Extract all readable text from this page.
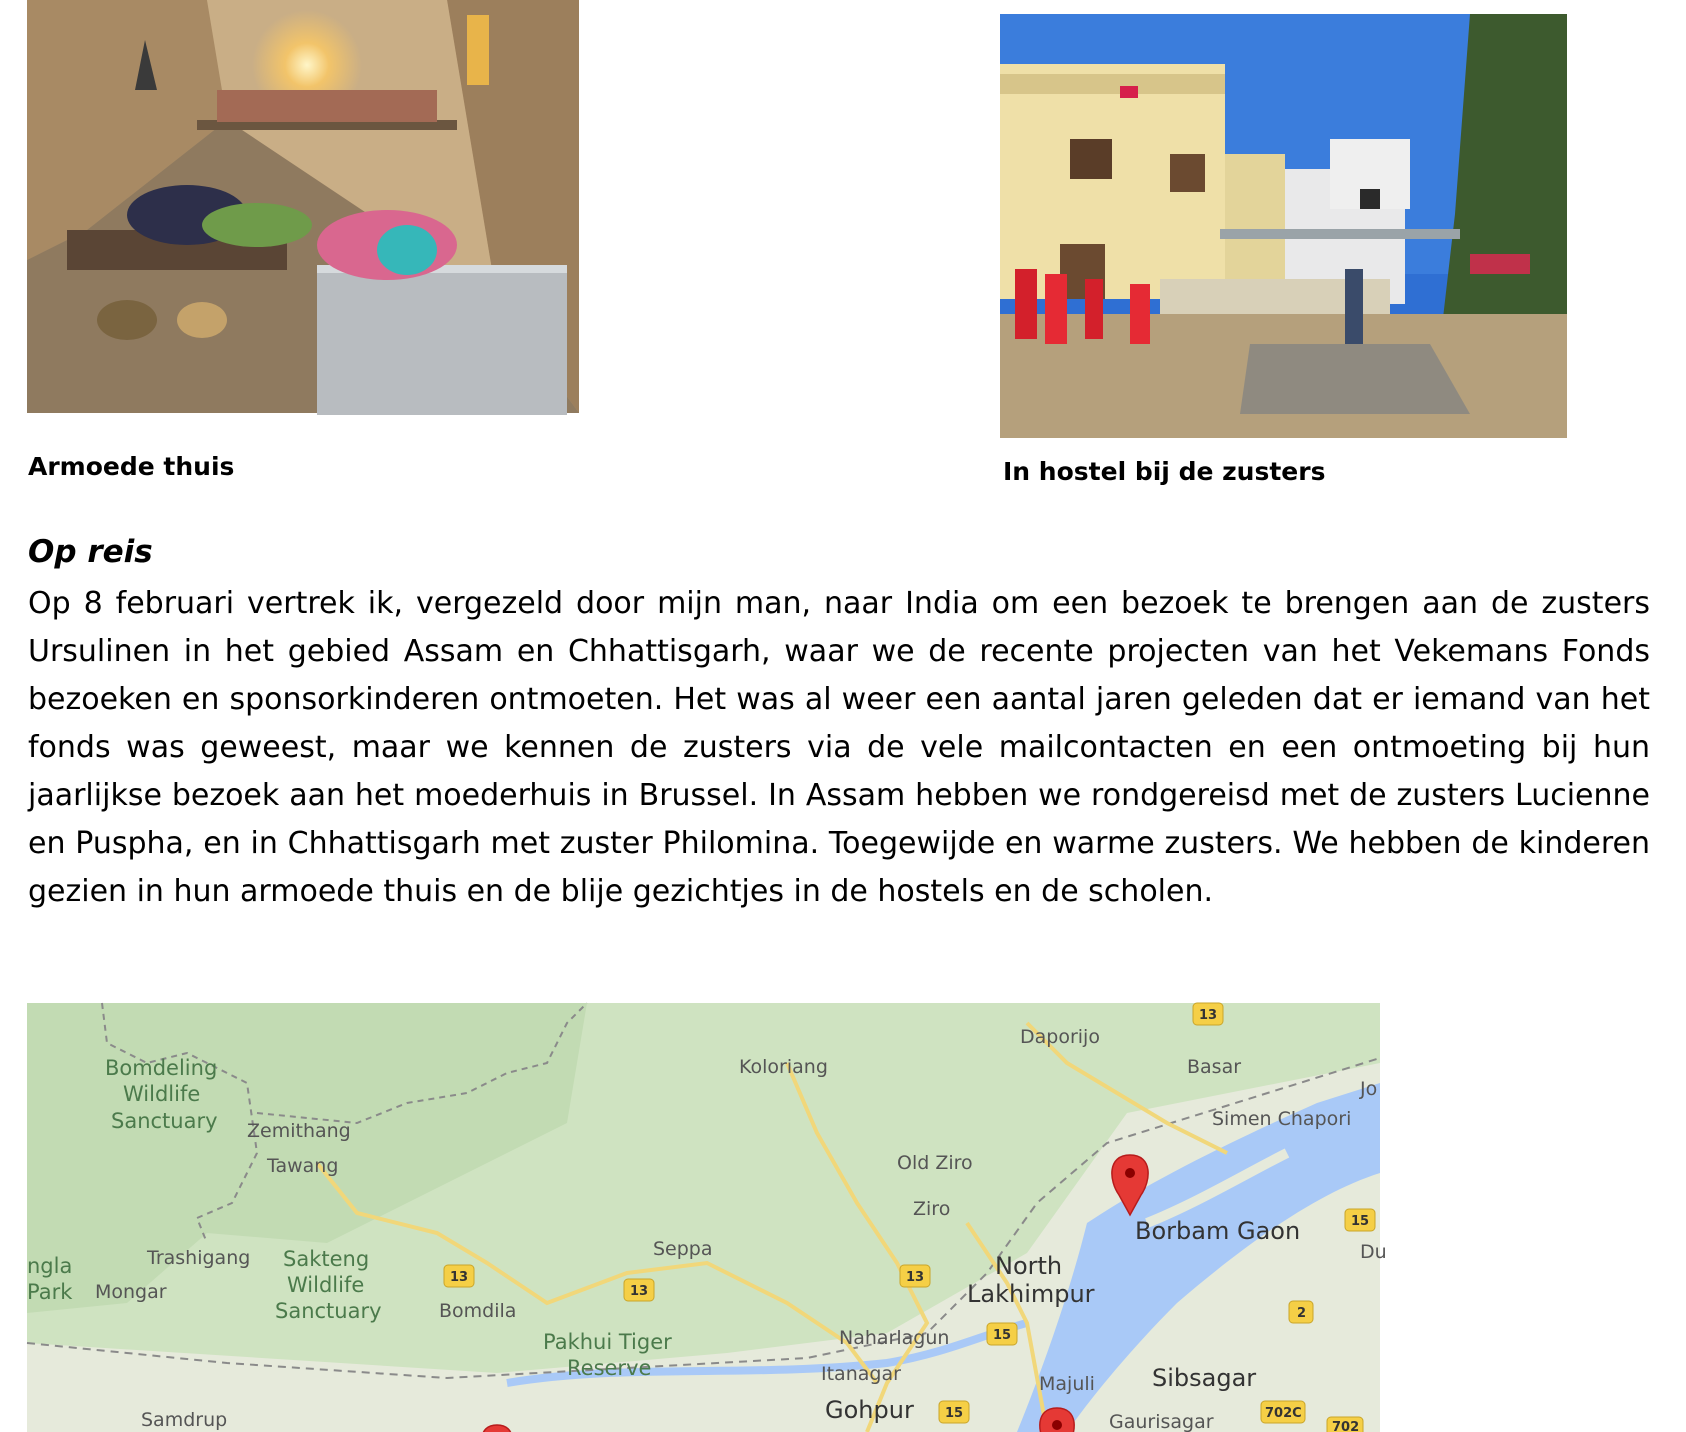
Armoede thuis	In hostel bij de zusters
Op reis
Op 8 februari vertrek ik, vergezeld door mijn man, naar India om een bezoek te brengen aan de zusters Ursulinen in het gebied Assam en Chhattisgarh, waar we de recente projecten van het Vekemans Fonds bezoeken en sponsorkinderen ontmoeten. Het was al weer een aantal jaren geleden dat er iemand van het fonds was geweest, maar we kennen de zusters via de vele mailcontacten en een ontmoeting bij hun jaarlijkse bezoek aan het moederhuis in Brussel. In Assam hebben we rondgereisd met de zusters Lucienne en Puspha, en in Chhattisgarh met zuster Philomina. Toegewijde en warme zusters. We hebben de kinderen gezien in hun armoede thuis en de blije gezichtjes in de hostels en de scholen.
Bomdeling
Wildlife
Sanctuary Zemithang
Tawang
ngla
Park Mongar
Trashigang Sakteng
Wildlife
Sanctuary	Bomdila
Seppa
Pakhui Tiger
Reserve
Samdrup
Koloriang
Old Ziro
Ziro
Daporijo
Basar
Simen Chapori
Jo
Borbam Gaon
North
Lakhimpur
Du
Naharlagun
Itanagar
Gohpur
Majuli Sibsagar
Gaurisagar
13
13
13
13
15
15
15
2
702C
702
